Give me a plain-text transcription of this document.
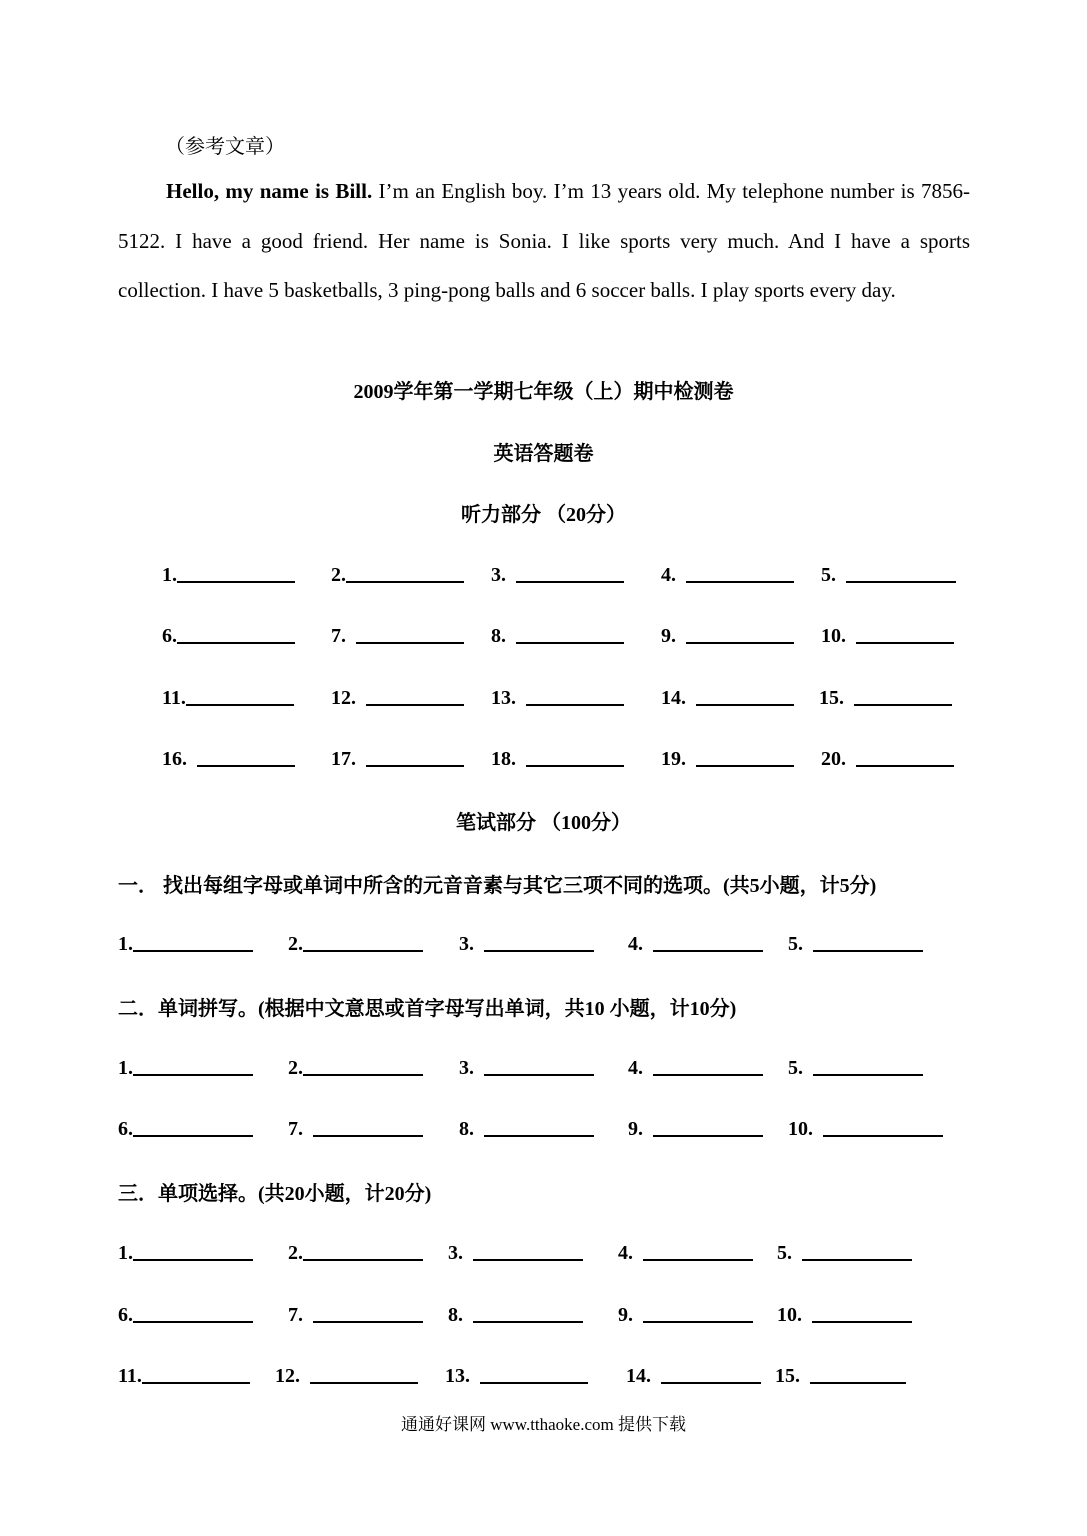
（参考文章）
Hello, my name is Bill. I’m an English boy. I’m 13 years old. My telephone number is 7856-5122. I have a good friend. Her name is Sonia. I like sports very much. And I have a sports collection. I have 5 basketballs, 3 ping-pong balls and 6 soccer balls. I play sports every day.
2009学年第一学期七年级（上）期中检测卷
英语答题卷
听力部分 （20分）
1.	2.	3.	4.	5.
6.	7.	8.	9.	10.
11.	12.	13.	14.	15.
16.	17.	18.	19.	20.
笔试部分 （100分）
一． 找出每组字母或单词中所含的元音音素与其它三项不同的选项。(共5小题，计5分)
1.	2.	3.	4.	5.
二．单词拼写。(根据中文意思或首字母写出单词，共10 小题，计10分)
1.	2.	3.	4.	5.
6.	7.	8.	9.	10.
三．单项选择。(共20小题，计20分)
1.	2.	3.	4.	5.
6.	7.	8.	9.	10.
11.	12.	13.	14.	15.
通通好课网 www.tthaoke.com 提供下载
